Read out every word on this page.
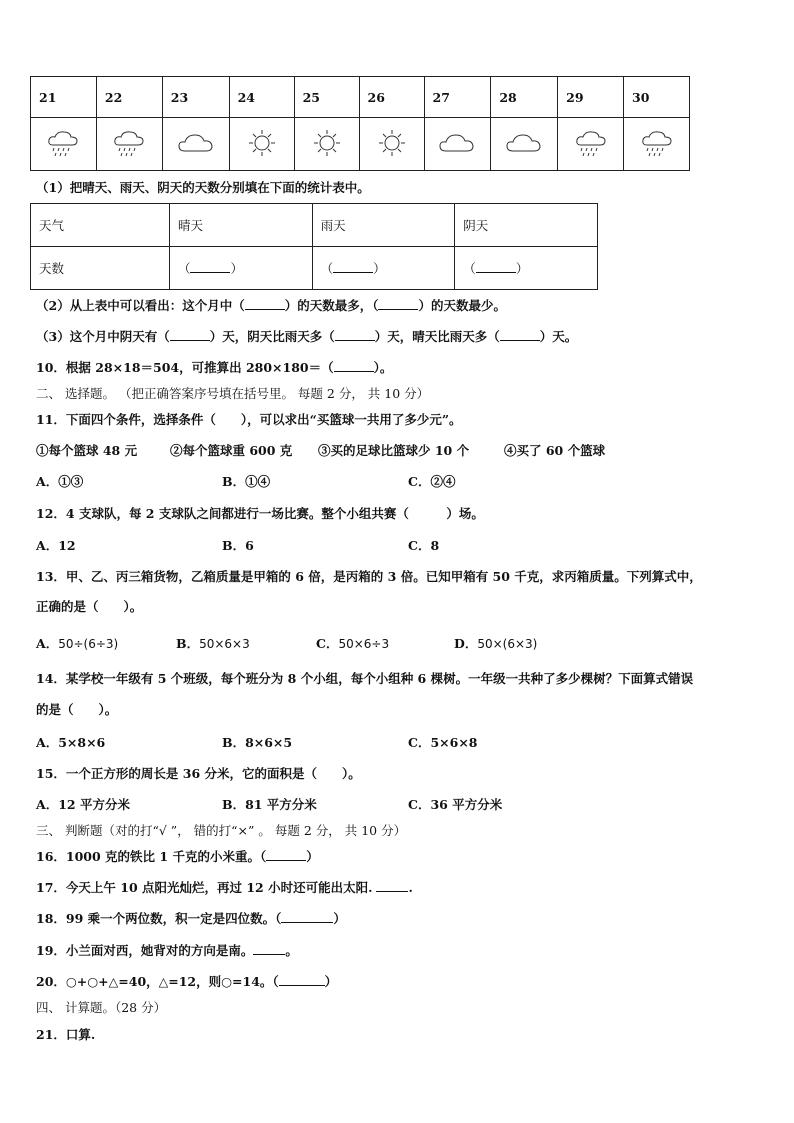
21	22	23	24	25	26	27	28	29	30

（1）把晴天、雨天、阴天的天数分别填在下面的统计表中。
天气	晴天	雨天	阴天
天数	（ ）	（ ）	（ ）
（2）从上表中可以看出：这个月中（	）的天数最多，（	）的天数最少。
（3）这个月中阴天有（	）天，阴天比雨天多（	）天，晴天比雨天多（	）天。
10．根据 28×18＝504，可推算出 280×180＝（	）。
二、 选择题。 （把正确答案序号填在括号里。 每题 2 分， 共 10 分）
11．下面四个条件，选择条件（　　），可以求出“买篮球一共用了多少元”。
①每个篮球 48 元	②每个篮球重 600 克 ③买的足球比篮球少 10 个	④买了 60 个篮球
A．①③	B．①④	C．②④
12．4 支球队，每 2 支球队之间都进行一场比赛。整个小组共赛（　　　）场。
A．12	B．6	C．8
13．甲、乙、丙三箱货物，乙箱质量是甲箱的 6 倍，是丙箱的 3 倍。已知甲箱有 50 千克，求丙箱质量。下列算式中，
正确的是（　　）。
A．50÷(6÷3)	B．50×6×3	C．50×6÷3	D．50×(6×3)
14．某学校一年级有 5 个班级，每个班分为 8 个小组，每个小组种 6 棵树。一年级一共种了多少棵树？下面算式错误
的是（　　）。
A．5×8×6	B．8×6×5	C．5×6×8
15．一个正方形的周长是 36 分米，它的面积是（　　）。
A．12 平方分米	B．81 平方分米	C．36 平方分米
三、 判断题（对的打“√ ”， 错的打“×” 。 每题 2 分， 共 10 分）
16．1000 克的铁比 1 千克的小米重。（	）
17．今天上午 10 点阳光灿烂，再过 12 小时还可能出太阳.	.
18．99 乘一个两位数，积一定是四位数。（	）
19．小兰面对西，她背对的方向是南。	。
20．○+○+△=40，△=12，则○=14。（	）
四、 计算题。（28 分）
21．口算.
